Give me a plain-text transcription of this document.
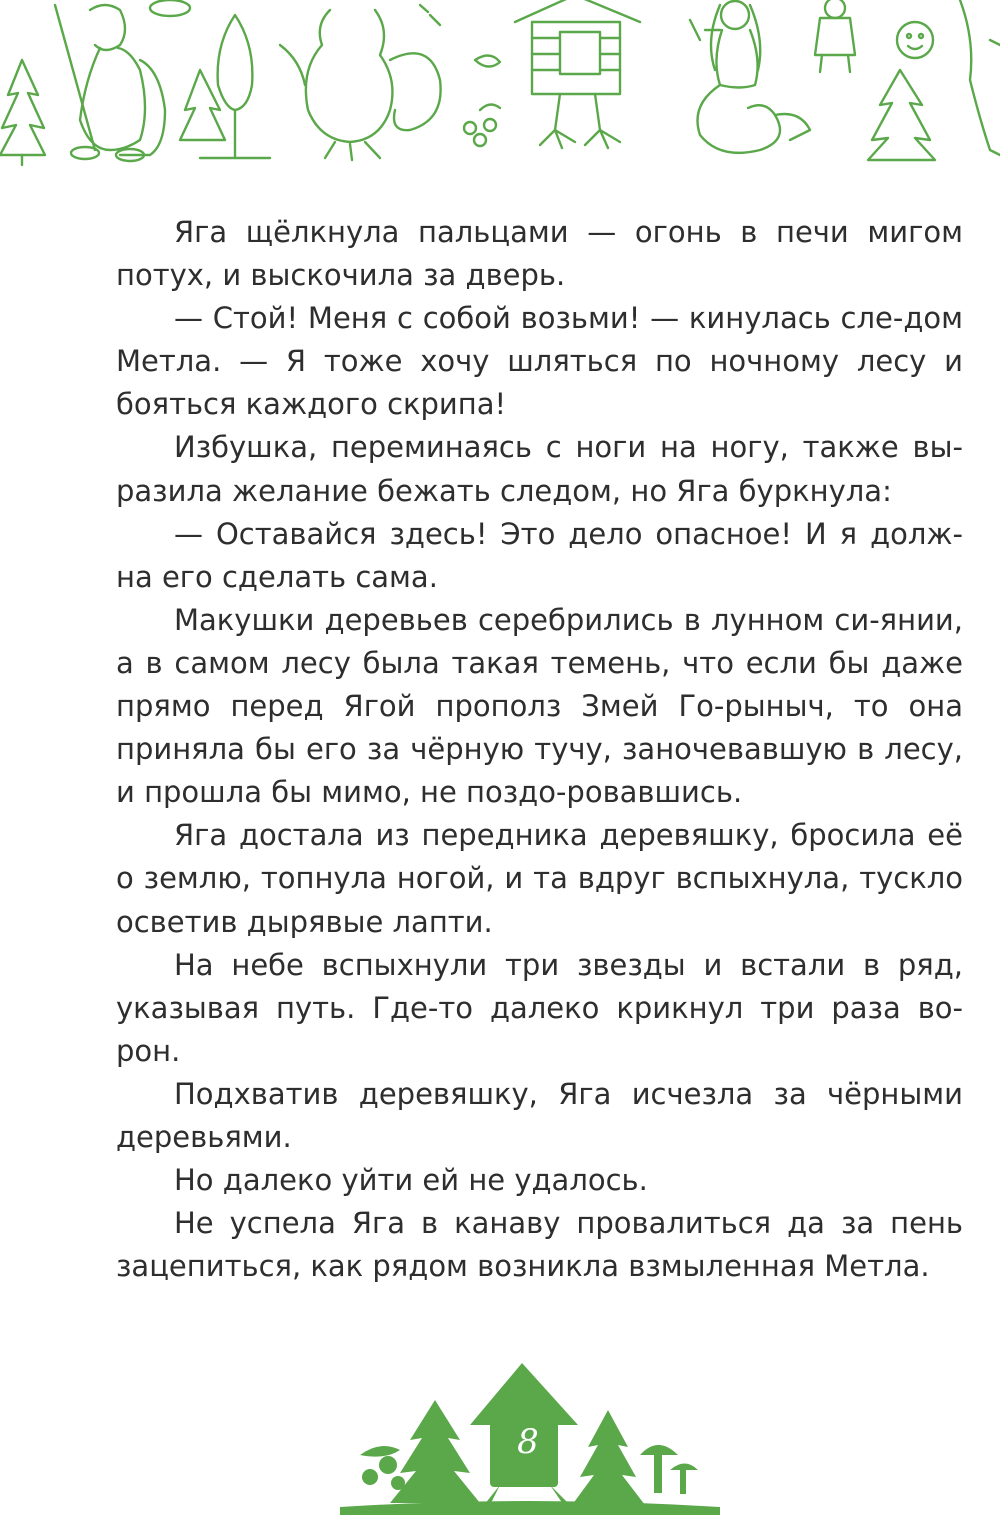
Яга щёлкнула пальцами — огонь в печи мигом потух, и выскочила за дверь.

— Стой! Меня с собой возьми! — кинулась сле-дом Метла. — Я тоже хочу шляться по ночному лесу и бояться каждого скрипа!

Избушка, переминаясь с ноги на ногу, также вы-разила желание бежать следом, но Яга буркнула:

— Оставайся здесь! Это дело опасное! И я долж-на его сделать сама.

Макушки деревьев серебрились в лунном си-янии, а в самом лесу была такая темень, что если бы даже прямо перед Ягой прополз Змей Го-рыныч, то она приняла бы его за чёрную тучу, заночевавшую в лесу, и прошла бы мимо, не поздо-ровавшись.

Яга достала из передника деревяшку, бросила её о землю, топнула ногой, и та вдруг вспыхнула, тускло осветив дырявые лапти.

На небе вспыхнули три звезды и встали в ряд, указывая путь. Где-то далеко крикнул три раза во-рон.

Подхватив деревяшку, Яга исчезла за чёрными деревьями.

Но далеко уйти ей не удалось.

Не успела Яга в канаву провалиться да за пень зацепиться, как рядом возникла взмыленная Метла.

8
